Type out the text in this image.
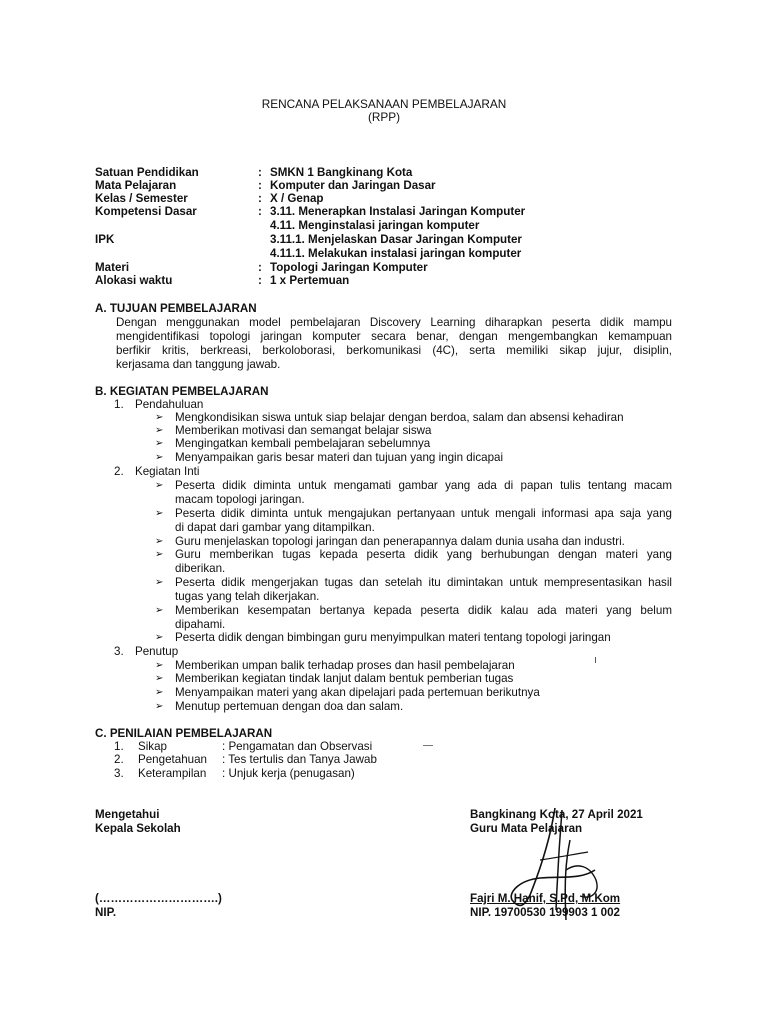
RENCANA PELAKSANAAN PEMBELAJARAN
(RPP)
Satuan Pendidikan	: SMKN 1 Bangkinang Kota
Mata Pelajaran	: Komputer dan Jaringan Dasar
Kelas / Semester	: X / Genap
Kompetensi Dasar	: 3.11. Menerapkan Instalasi Jaringan Komputer
4.11. Menginstalasi jaringan komputer
IPK	3.11.1. Menjelaskan Dasar Jaringan Komputer
4.11.1. Melakukan instalasi jaringan komputer
Materi	: Topologi Jaringan Komputer
Alokasi waktu	: 1 x Pertemuan
A. TUJUAN PEMBELAJARAN
Dengan menggunakan model pembelajaran Discovery Learning diharapkan peserta didik mampu
mengidentifikasi topologi jaringan komputer secara benar, dengan mengembangkan kemampuan
berfikir kritis, berkreasi, berkoloborasi, berkomunikasi (4C), serta memiliki sikap jujur, disiplin,
kerjasama dan tanggung jawab.
B. KEGIATAN PEMBELAJARAN
1. Pendahuluan
➢ Mengkondisikan siswa untuk siap belajar dengan berdoa, salam dan absensi kehadiran
➢ Memberikan motivasi dan semangat belajar siswa
➢ Mengingatkan kembali pembelajaran sebelumnya
➢ Menyampaikan garis besar materi dan tujuan yang ingin dicapai
2. Kegiatan Inti
➢ Peserta didik diminta untuk mengamati gambar yang ada di papan tulis tentang macam
macam topologi jaringan.
➢ Peserta didik diminta untuk mengajukan pertanyaan untuk mengali informasi apa saja yang
di dapat dari gambar yang ditampilkan.
➢ Guru menjelaskan topologi jaringan dan penerapannya dalam dunia usaha dan industri.
➢ Guru memberikan tugas kepada peserta didik yang berhubungan dengan materi yang
diberikan.
➢ Peserta didik mengerjakan tugas dan setelah itu dimintakan untuk mempresentasikan hasil
tugas yang telah dikerjakan.
➢ Memberikan kesempatan bertanya kepada peserta didik kalau ada materi yang belum
dipahami.
➢ Peserta didik dengan bimbingan guru menyimpulkan materi tentang topologi jaringan
3. Penutup
➢ Memberikan umpan balik terhadap proses dan hasil pembelajaran
➢ Memberikan kegiatan tindak lanjut dalam bentuk pemberian tugas
➢ Menyampaikan materi yang akan dipelajari pada pertemuan berikutnya
➢ Menutup pertemuan dengan doa dan salam.
C. PENILAIAN PEMBELAJARAN
1. Sikap	: Pengamatan dan Observasi
2. Pengetahuan : Tes tertulis dan Tanya Jawab
3. Keterampilan : Unjuk kerja (penugasan)
Mengetahui
Kepala Sekolah
(………………………….)
NIP.
Bangkinang Kota, 27 April 2021
Guru Mata Pelajaran
Fajri M. Hanif, S.Pd, M.Kom
NIP. 19700530 199903 1 002
